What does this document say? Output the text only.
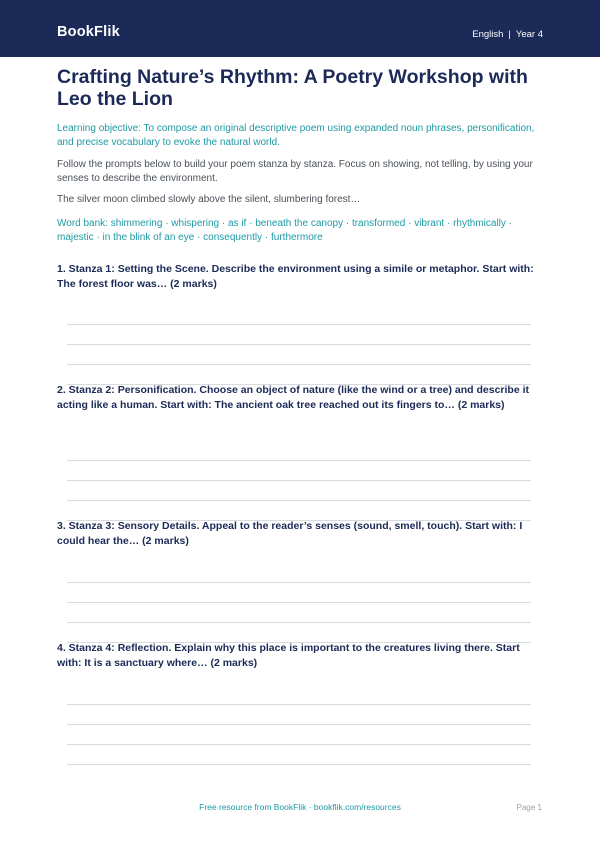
BookFlik	English | Year 4
Crafting Nature’s Rhythm: A Poetry Workshop with Leo the Lion

Learning objective: To compose an original descriptive poem using expanded noun phrases, personification, and precise vocabulary to evoke the natural world.

Follow the prompts below to build your poem stanza by stanza. Focus on showing, not telling, by using your senses to describe the environment.

The silver moon climbed slowly above the silent, slumbering forest…

Word bank: shimmering · whispering · as if · beneath the canopy · transformed · vibrant · rhythmically · majestic · in the blink of an eye · consequently · furthermore

1. Stanza 1: Setting the Scene. Describe the environment using a simile or metaphor. Start with: The forest floor was… (2 marks)

2. Stanza 2: Personification. Choose an object of nature (like the wind or a tree) and describe it acting like a human. Start with: The ancient oak tree reached out its fingers to… (2 marks)

3. Stanza 3: Sensory Details. Appeal to the reader’s senses (sound, smell, touch). Start with: I could hear the… (2 marks)

4. Stanza 4: Reflection. Explain why this place is important to the creatures living there. Start with: It is a sanctuary where… (2 marks)

Free resource from BookFlik · bookflik.com/resources	Page 1
